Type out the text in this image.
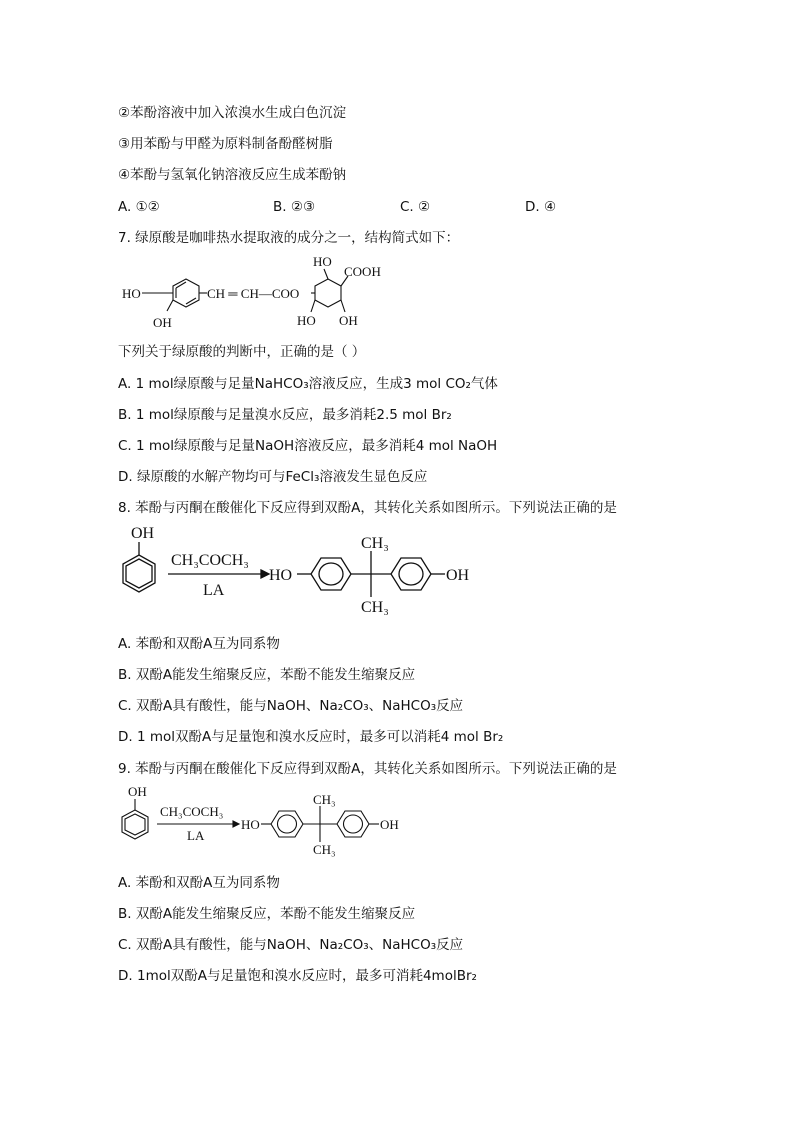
②苯酚溶液中加入浓溴水生成白色沉淀
③用苯酚与甲醛为原料制备酚醛树脂
④苯酚与氢氧化钠溶液反应生成苯酚钠
A. ①②	B. ②③	C. ②	D. ④
7. 绿原酸是咖啡热水提取液的成分之一，结构简式如下：
HO
OH
CH ═ CH—COO
HO
COOH
HO OH
下列关于绿原酸的判断中，正确的是（ ）
A. 1 mol绿原酸与足量NaHCO₃溶液反应，生成3 mol CO₂气体
B. 1 mol绿原酸与足量溴水反应，最多消耗2.5 mol Br₂
C. 1 mol绿原酸与足量NaOH溶液反应，最多消耗4 mol NaOH
D. 绿原酸的水解产物均可与FeCl₃溶液发生显色反应
8. 苯酚与丙酮在酸催化下反应得到双酚A，其转化关系如图所示。下列说法正确的是
OH
CH₃COCH₃
LA
HO	OH
CH₃
CH₃
A. 苯酚和双酚A互为同系物
B. 双酚A能发生缩聚反应，苯酚不能发生缩聚反应
C. 双酚A具有酸性，能与NaOH、Na₂CO₃、NaHCO₃反应
D. 1 mol双酚A与足量饱和溴水反应时，最多可以消耗4 mol Br₂
9. 苯酚与丙酮在酸催化下反应得到双酚A，其转化关系如图所示。下列说法正确的是
OH
CH₃COCH₃
LA
HO	OH
CH₃
CH₃
A. 苯酚和双酚A互为同系物
B. 双酚A能发生缩聚反应，苯酚不能发生缩聚反应
C. 双酚A具有酸性，能与NaOH、Na₂CO₃、NaHCO₃反应
D. 1mol双酚A与足量饱和溴水反应时，最多可消耗4molBr₂
